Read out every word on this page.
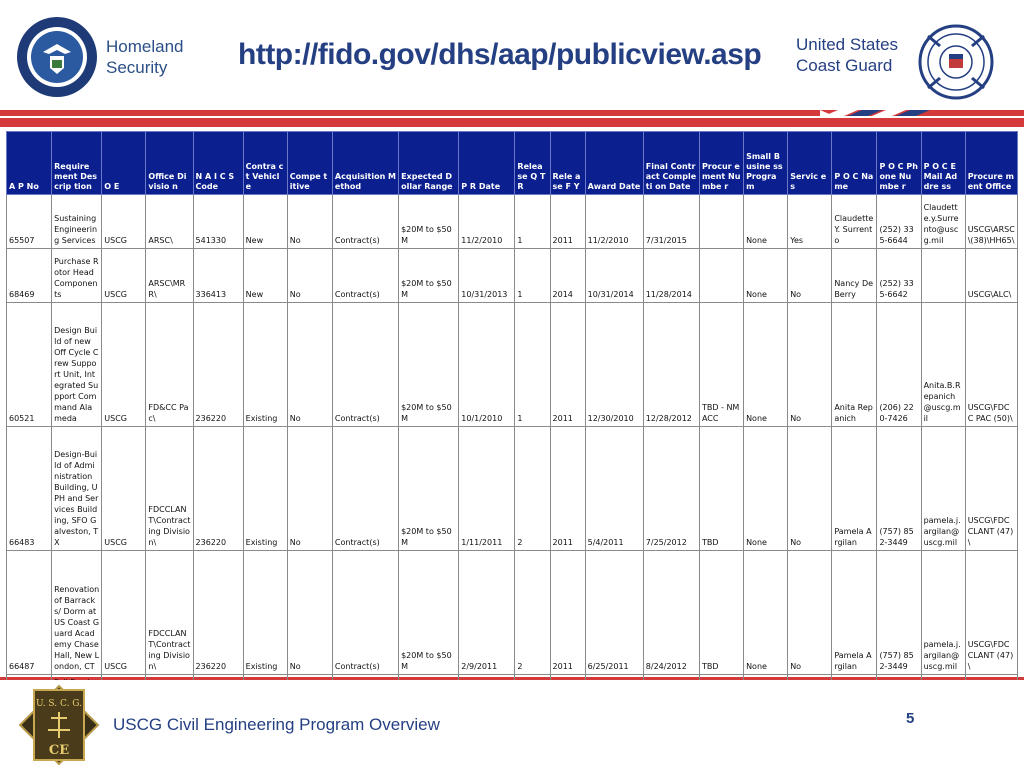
Homeland
Security	http://fido.gov/dhs/aap/publicview.asp United States
Coast Guard
A P No	Require ment Descrip tion	O E	Office Divisio n	N A I C S Code	Contra ct Vehicl e	Compe titive	Acquisition Method	Expected Dollar Range	P R Date	Relea se Q T R	Rele ase F Y	Award Date	Final Contract Completi on Date	Procur ement Numbe r	Small Busine ss Progra m	Servic es	P O C Name	P O C Phone Numbe r	P O C E Mail Addre ss	Procure ment Office
65507	Sustaining Engineering Services	USCG	ARSC\	541330	New	No	Contract(s)	$20M to $50M	11/2/2010	1	2011	11/2/2010	7/31/2015		None	Yes	Claudette Y. Surrento	(252) 335-6644	Claudette.y.Surrento@uscg.mil	USCG\ARSC\(38)\HH65\
68469	Purchase Rotor Head Components	USCG	ARSC\MRR\	336413	New	No	Contract(s)	$20M to $50M	10/31/2013	1	2014	10/31/2014	11/28/2014		None	No	Nancy DeBerry	(252) 335-6642		USCG\ALC\
60521	Design Build of new Off Cycle Crew Support Unit, Integrated Support Command Alameda	USCG	FD&CC Pac\	236220	Existing	No	Contract(s)	$20M to $50M	10/1/2010	1	2011	12/30/2010	12/28/2012	TBD - NMACC	None	No	Anita Repanich	(206) 220-7426	Anita.B.Repanich@uscg.mil	USCG\FDCC PAC (50)\
66483	Design-Build of Administration Building, UPH and Services Building, SFO Galveston, TX	USCG	FDCCLANT\Contracting Division\	236220	Existing	No	Contract(s)	$20M to $50M	1/11/2011	2	2011	5/4/2011	7/25/2012	TBD	None	No	Pamela Argilan	(757) 852-3449	pamela.j.argilan@uscg.mil	USCG\FDCCLANT (47)\
66487	Renovation of Barracks/ Dorm at US Coast Guard Academy Chase Hall, New London, CT	USCG	FDCCLANT\Contracting Division\	236220	Existing	No	Contract(s)	$20M to $50M	2/9/2011	2	2011	6/25/2011	8/24/2012	TBD	None	No	Pamela Argilan	(757) 852-3449	pamela.j.argilan@uscg.mil	USCG\FDCCLANT (47)\

U. S. C. G.
CE
USCG Civil Engineering Program Overview	5
